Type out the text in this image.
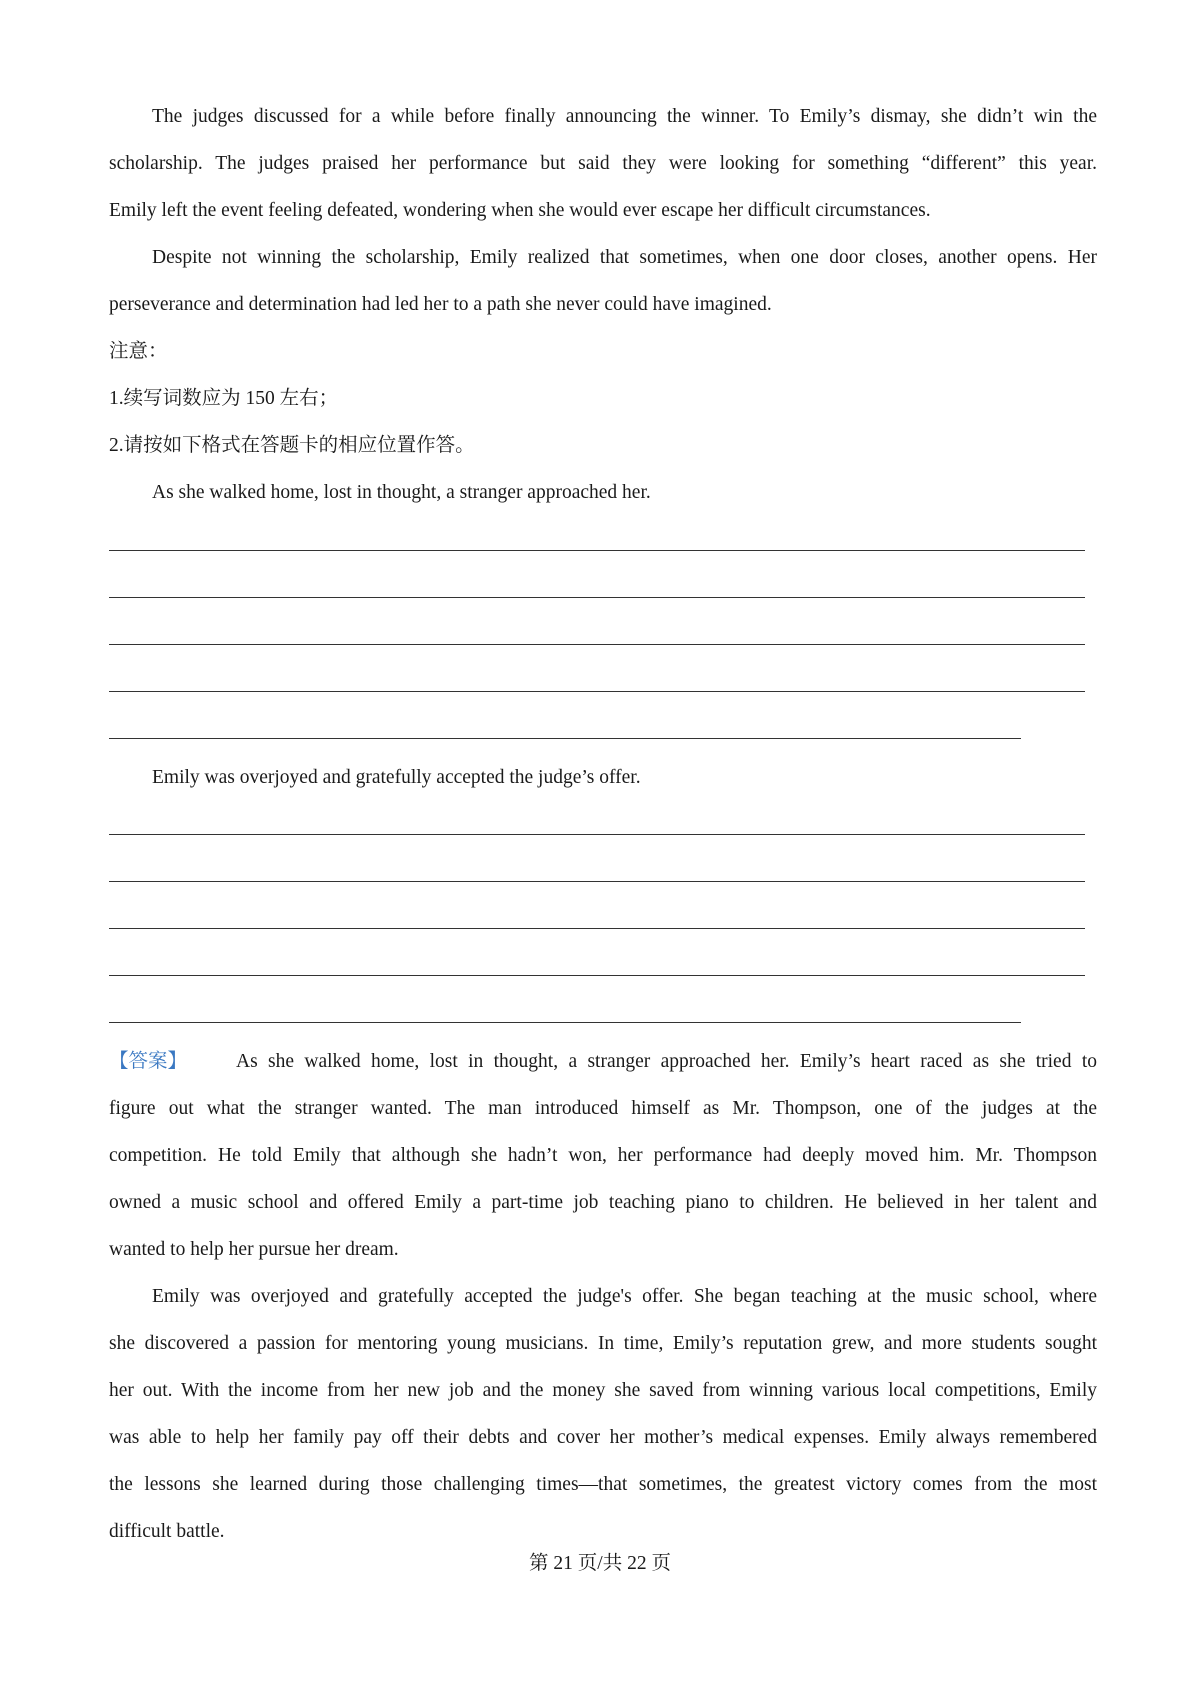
The judges discussed for a while before finally announcing the winner. To Emily’s dismay, she didn’t win the
scholarship. The judges praised her performance but said they were looking for something “different” this year.
Emily left the event feeling defeated, wondering when she would ever escape her difficult circumstances.
Despite not winning the scholarship, Emily realized that sometimes, when one door closes, another opens. Her
perseverance and determination had led her to a path she never could have imagined.
注意：
1.续写词数应为 150 左右；
2.请按如下格式在答题卡的相应位置作答。
As she walked home, lost in thought, a stranger approached her.
Emily was overjoyed and gratefully accepted the judge’s offer.
【答案】	As she walked home, lost in thought, a stranger approached her. Emily’s heart raced as she tried to
figure out what the stranger wanted. The man introduced himself as Mr. Thompson, one of the judges at the
competition. He told Emily that although she hadn’t won, her performance had deeply moved him. Mr. Thompson
owned a music school and offered Emily a part-time job teaching piano to children. He believed in her talent and
wanted to help her pursue her dream.
Emily was overjoyed and gratefully accepted the judge's offer. She began teaching at the music school, where
she discovered a passion for mentoring young musicians. In time, Emily’s reputation grew, and more students sought
her out. With the income from her new job and the money she saved from winning various local competitions, Emily
was able to help her family pay off their debts and cover her mother’s medical expenses. Emily always remembered
the lessons she learned during those challenging times—that sometimes, the greatest victory comes from the most
difficult battle.
第 21 页/共 22 页
